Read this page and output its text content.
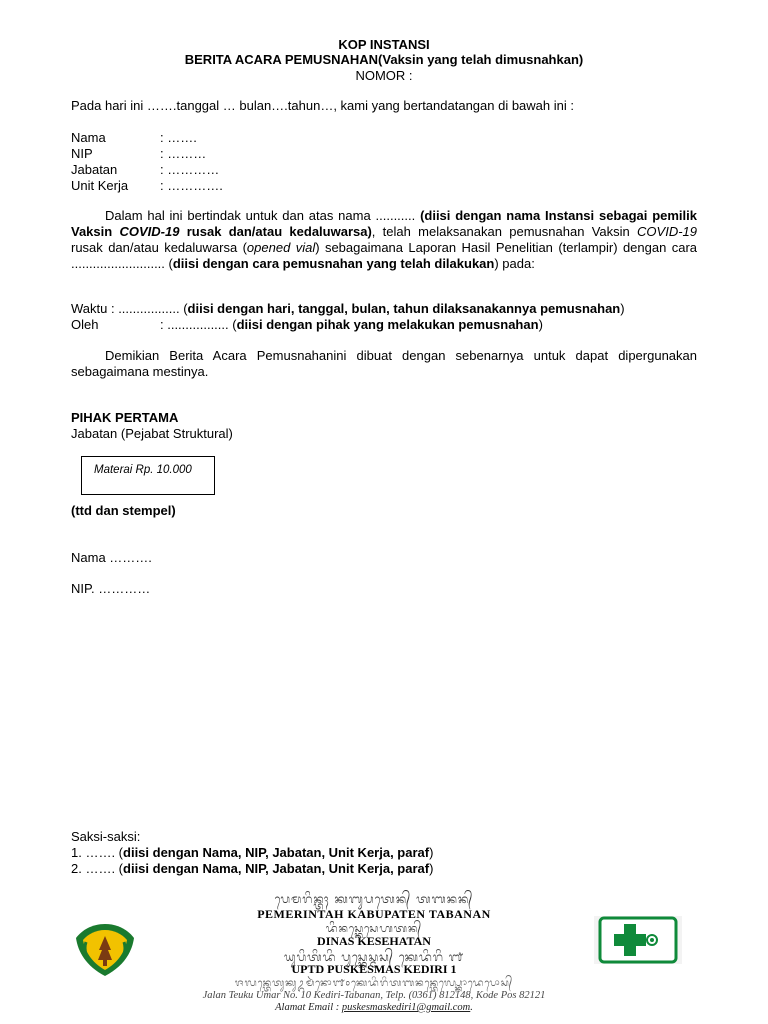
KOP INSTANSI
BERITA ACARA PEMUSNAHAN(Vaksin yang telah dimusnahkan)
NOMOR :
Pada hari ini …….tanggal … bulan….tahun…, kami yang bertandatangan di bawah ini :
Nama	: …….
NIP	: ………
Jabatan	: …………
Unit Kerja : ………….
Dalam hal ini bertindak untuk dan atas nama ........... (diisi dengan nama Instansi sebagai pemilik Vaksin COVID-19 rusak dan/atau kedaluwarsa), telah melaksanakan pemusnahan Vaksin COVID-19 rusak dan/atau kedaluwarsa (opened vial) sebagaimana Laporan Hasil Penelitian (terlampir) dengan cara .......................... (diisi dengan cara pemusnahan yang telah dilakukan) pada:
Waktu : ................. (diisi dengan hari, tanggal, bulan, tahun dilaksanakannya pemusnahan)
Oleh	: ................. (diisi dengan pihak yang melakukan pemusnahan)
Demikian Berita Acara Pemusnahanini dibuat dengan sebenarnya untuk dapat dipergunakan sebagaimana mestinya.
PIHAK PERTAMA
Jabatan (Pejabat Struktural)
Materai Rp. 10.000
(ttd dan stempel)
Nama ……….
NIP. …………
Saksi-saksi:
1. ……. (diisi dengan Nama, NIP, Jabatan, Unit Kerja, paraf)
2. ……. (diisi dengan Nama, NIP, Jabatan, Unit Kerja, paraf)
ᬧᬾᬫᬭᬶᬦ᭄ᬢᬄ ᬓᬩᬸᬧᬢᬾᬦ᭄ ᬢᬩᬦᬦ᭄
PEMERINTAH KABUPATEN TABANAN
ᬤᬶᬦᬲ᭄ᬓᬾᬲᬾᬳᬢᬦ᭄
DINAS KESEHATAN
ᬬᬸᬧᬶᬢᬶᬤᬶ ᬧᬸᬲ᭄ᬓᬾᬲ᭄ᬫᬲ᭄ ᬓᬾᬤᬶᬭᬶ ᭑
UPTD PUSKESMAS KEDIRI 1
ᬚᬮᬦ᭄ᬢᬾᬢᬸᬓᬸᬉᬫᬃᬦᭀ᭑᭐ᬓᬾᬤᬶᬭᬶᬢᬩᬦᬦ᭄ᬢᬾᬮ᭄ᬧ᭄ᬓᭀᬤᬾᬧᭀᬲ᭄
Jalan Teuku Umar No. 10 Kediri-Tabanan, Telp. (0361) 812148, Kode Pos 82121
Alamat Email : puskesmaskediri1@gmail.com.
